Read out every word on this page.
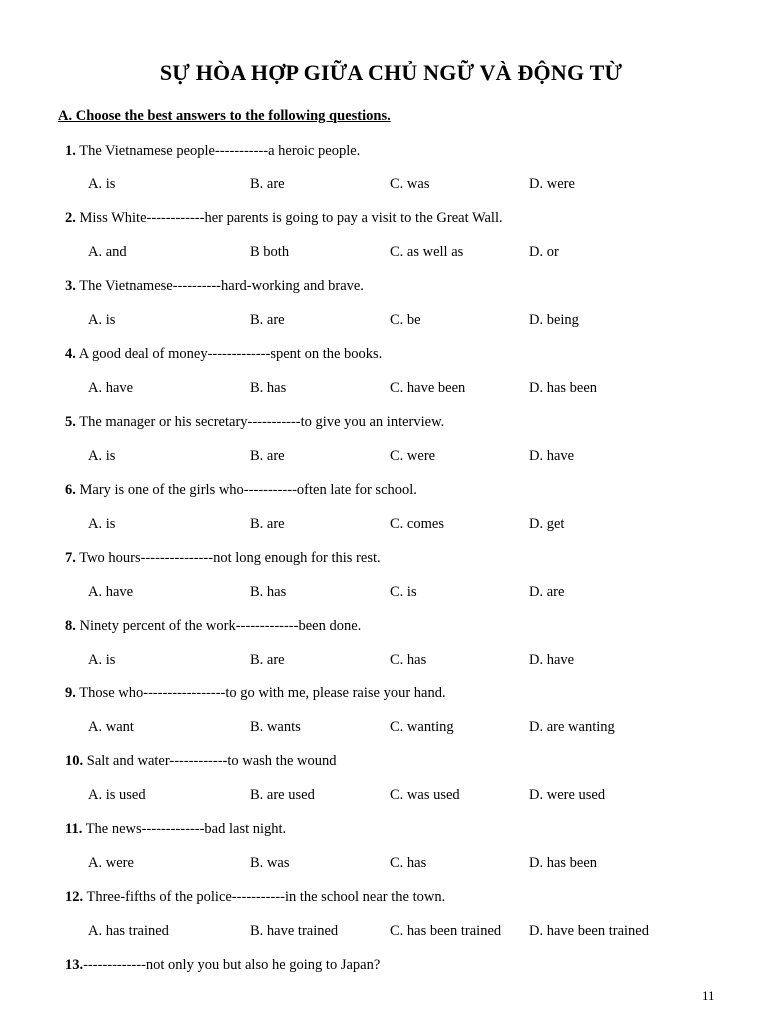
SỰ HÒA HỢP GIỮA CHỦ NGỮ VÀ ĐỘNG TỪ
A. Choose the best answers to the following questions.
1. The Vietnamese people-----------a heroic people.
A. is	B. are	C. was	D. were
2. Miss White------------her parents is going to pay a visit to the Great Wall.
A. and	B both	C. as well as	D. or
3. The Vietnamese----------hard-working and brave.
A. is	B. are	C. be	D. being
4. A good deal of money-------------spent on the books.
A. have	B. has	C. have been	D. has been
5. The manager or his secretary-----------to give you an interview.
A. is	B. are	C. were	D. have
6. Mary is one of the girls who-----------often late for school.
A. is	B. are	C. comes	D. get
7. Two hours---------------not long enough for this rest.
A. have	B. has	C. is	D. are
8. Ninety percent of the work-------------been done.
A. is	B. are	C. has	D. have
9. Those who-----------------to go with me, please raise your hand.
A. want	B. wants	C. wanting	D. are wanting
10. Salt and water------------to wash the wound
A. is used	B. are used	C. was used	D. were used
11. The news-------------bad last night.
A. were	B. was	C. has	D. has been
12. Three-fifths of the police-----------in the school near the town.
A. has trained	B. have trained	C. has been trained D. have been trained
13.-------------not only you but also he going to Japan?
11
